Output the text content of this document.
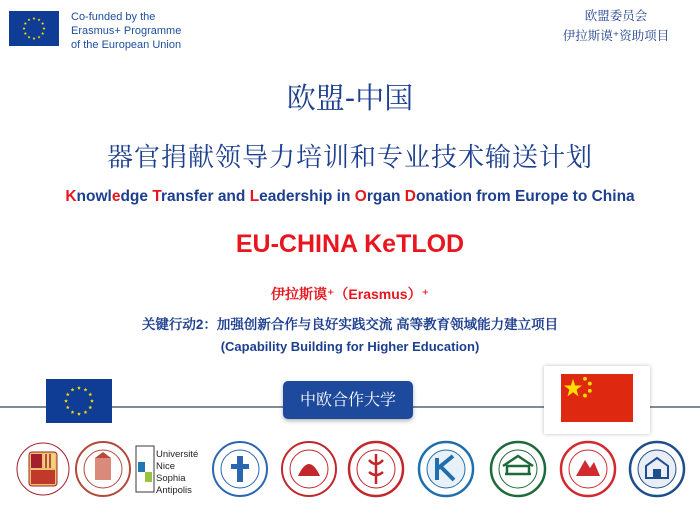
Co-funded by the
Erasmus+ Programme
of the European Union
欧盟委员会
伊拉斯谟⁺资助项目
欧盟-中国
器官捐献领导力培训和专业技术输送计划
Knowledge Transfer and Leadership in Organ Donation from Europe to China
EU-CHINA KeTLOD
伊拉斯谟⁺（Erasmus）⁺
关键行动2：加强创新合作与良好实践交流 高等教育领域能力建立项目
(Capability Building for Higher Education)
中欧合作大学
Université
Nice
Sophia Antipolis
